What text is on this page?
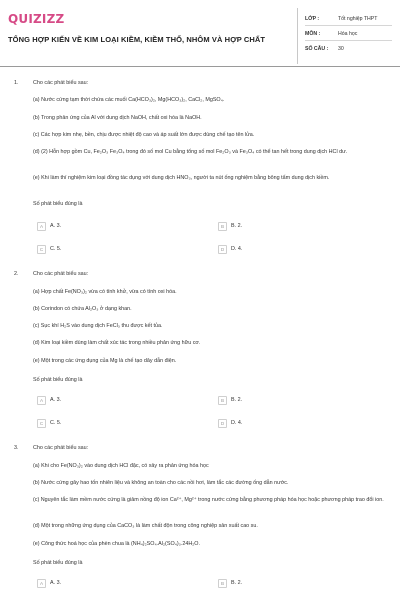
QUIZIZZ
TỔNG HỢP KIẾN VỀ KIM LOẠI KIỀM, KIỀM THỔ, NHÔM VÀ HỢP CHẤT
LỚP :	Tốt nghiệp THPT
MÔN :	Hóa học
SỐ CÂU : 30
1.	Cho các phát biểu sau:
(a) Nước cứng tạm thời chứa các muối Ca(HCO₃)₂, Mg(HCO₃)₂, CaCl₂, MgSO₄.
(b) Trong phản ứng của Al với dung dịch NaOH, chất oxi hóa là NaOH.
(c) Các hợp kim nhẹ, bền, chịu được nhiệt độ cao và áp suất lớn được dùng chế tạo tên lửa.
(d) (2) Hỗn hợp gồm Cu, Fe₂O₃ Fe₃O₄ trong đó số mol Cu bằng tổng số mol Fe₂O₃ và Fe₃O₄ có thể tan hết trong dung dịch HCl dư.
(e) Khi làm thí nghiệm kim loại đồng tác dụng với dung dịch HNO₃, người ta nút ống nghiệm bằng bông tẩm dung dịch kiềm.
Số phát biểu đúng là
A	A. 3.	B	B. 2.
C	C. 5.	D	D. 4.
2.	Cho các phát biểu sau:
(a) Hợp chất Fe(NO₃)₂ vừa có tính khử, vừa có tính oxi hóa.
(b) Corindon có chứa Al₂O₃ ở dạng khan.
(c) Sục khí H₂S vào dung dịch FeCl₃ thu được kết tủa.
(d) Kim loại kiềm dùng làm chất xúc tác trong nhiều phản ứng hữu cơ.
(e) Một trong các ứng dụng của Mg là chế tạo dây dẫn điện.
Số phát biểu đúng là
A	A. 3.	B	B. 2.
C	C. 5.	D	D. 4.
3.	Cho các phát biểu sau:
(a) Khi cho Fe(NO₃)₂ vào dung dịch HCl đặc, có xảy ra phản ứng hóa học
(b) Nước cứng gây hao tốn nhiên liệu và không an toàn cho các nồi hơi, làm tắc các đường ống dẫn nước.
(c) Nguyên tắc làm mềm nước cứng là giảm nồng độ ion Ca²⁺, Mg²⁺ trong nước cứng bằng phương pháp hóa học hoặc phương pháp trao đổi ion.
(d) Một trong những ứng dụng của CaCO₃ là làm chất độn trong công nghiệp sản xuất cao su.
(e) Công thức hoá học của phèn chua là (NH₄)₂SO₄.Al₂(SO₄)₃.24H₂O.
Số phát biểu đúng là
A	A. 3.	B	B. 2.
